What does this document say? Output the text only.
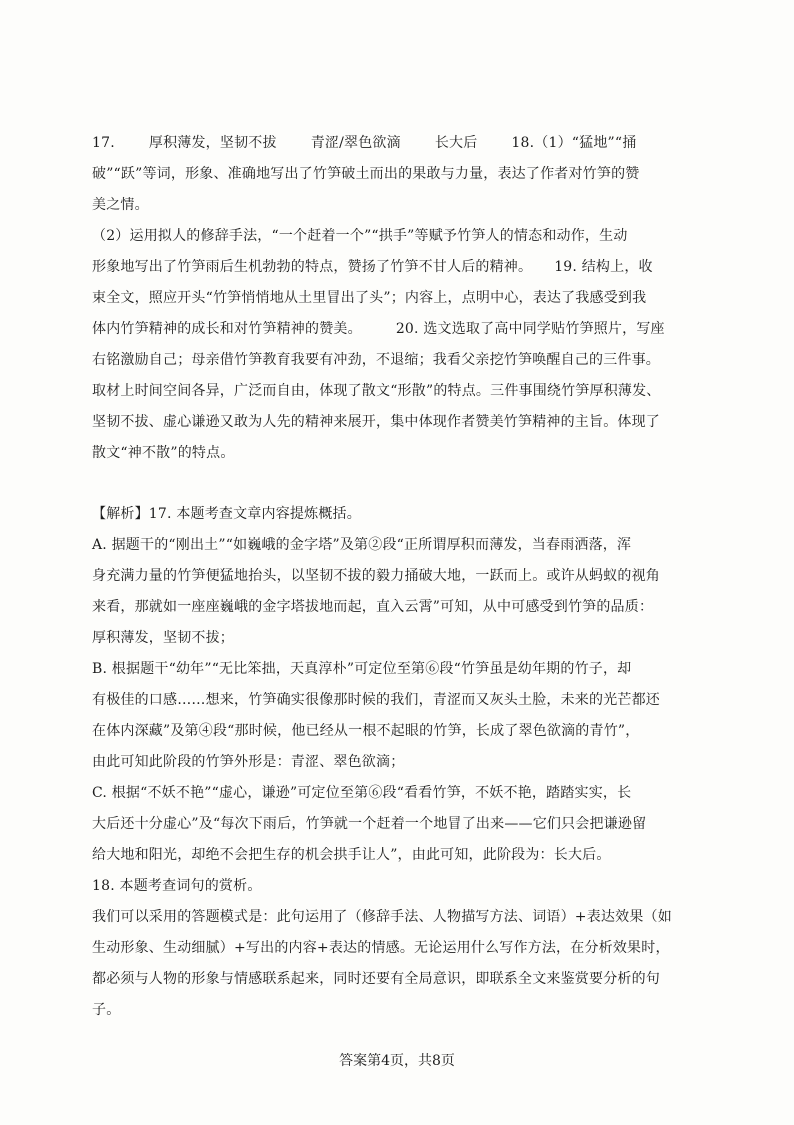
17. 厚积薄发，坚韧不拔 青涩/翠色欲滴 长大后 18.（1）“猛地”“捅
破”“跃”等词，形象、准确地写出了竹笋破土而出的果敢与力量，表达了作者对竹笋的赞
美之情。
（2）运用拟人的修辞手法，“一个赶着一个”“拱手”等赋予竹笋人的情态和动作，生动
形象地写出了竹笋雨后生机勃勃的特点，赞扬了竹笋不甘人后的精神。 19. 结构上，收
束全文，照应开头“竹笋悄悄地从土里冒出了头”；内容上，点明中心，表达了我感受到我
体内竹笋精神的成长和对竹笋精神的赞美。 20. 选文选取了高中同学贴竹笋照片，写座
右铭激励自己；母亲借竹笋教育我要有冲劲，不退缩；我看父亲挖竹笋唤醒自己的三件事。
取材上时间空间各异，广泛而自由，体现了散文“形散”的特点。三件事围绕竹笋厚积薄发、
坚韧不拔、虚心谦逊又敢为人先的精神来展开，集中体现作者赞美竹笋精神的主旨。体现了
散文“神不散”的特点。
【解析】17. 本题考查文章内容提炼概括。
A. 据题干的“刚出土”“如巍峨的金字塔”及第②段“正所谓厚积而薄发，当春雨洒落，浑
身充满力量的竹笋便猛地抬头，以坚韧不拔的毅力捅破大地，一跃而上。或许从蚂蚁的视角
来看，那就如一座座巍峨的金字塔拔地而起，直入云霄”可知，从中可感受到竹笋的品质：
厚积薄发，坚韧不拔；
B. 根据题干“幼年”“无比笨拙，天真淳朴”可定位至第⑥段“竹笋虽是幼年期的竹子，却
有极佳的口感……想来，竹笋确实很像那时候的我们，青涩而又灰头土脸，未来的光芒都还
在体内深藏”及第④段“那时候，他已经从一根不起眼的竹笋，长成了翠色欲滴的青竹”，
由此可知此阶段的竹笋外形是：青涩、翠色欲滴；
C. 根据“不妖不艳”“虚心，谦逊”可定位至第⑥段“看看竹笋，不妖不艳，踏踏实实，长
大后还十分虚心”及“每次下雨后，竹笋就一个赶着一个地冒了出来——它们只会把谦逊留
给大地和阳光，却绝不会把生存的机会拱手让人”，由此可知，此阶段为：长大后。
18. 本题考查词句的赏析。
我们可以采用的答题模式是：此句运用了（修辞手法、人物描写方法、词语）+表达效果（如
生动形象、生动细腻）+写出的内容+表达的情感。无论运用什么写作方法，在分析效果时，
都必须与人物的形象与情感联系起来，同时还要有全局意识，即联系全文来鉴赏要分析的句
子。
答案第4页，共8页
